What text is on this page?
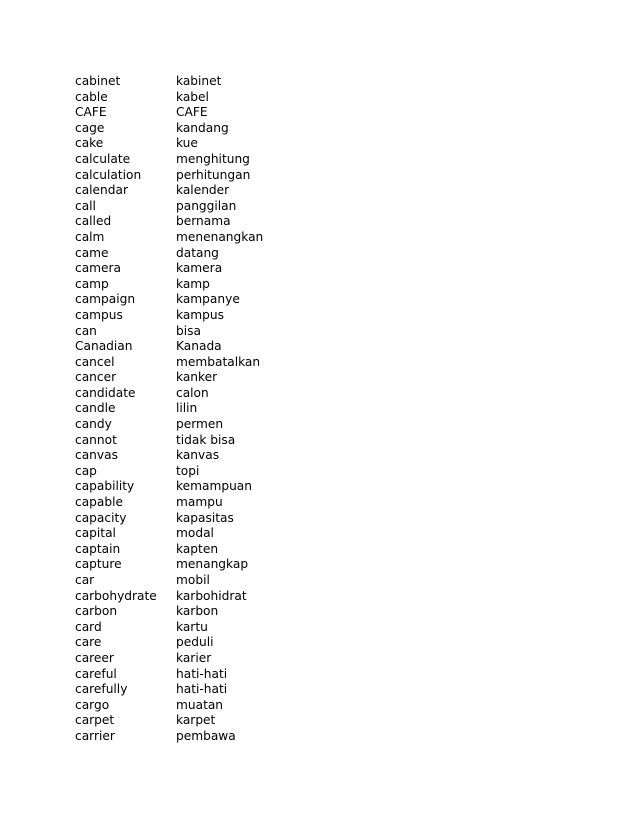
cabinet	kabinet
cable	kabel
CAFE	CAFE
cage	kandang
cake	kue
calculate	menghitung
calculation	perhitungan
calendar	kalender
call	panggilan
called	bernama
calm	menenangkan
came	datang
camera	kamera
camp	kamp
campaign	kampanye
campus	kampus
can	bisa
Canadian	Kanada
cancel	membatalkan
cancer	kanker
candidate	calon
candle	lilin
candy	permen
cannot	tidak bisa
canvas	kanvas
cap	topi
capability	kemampuan
capable	mampu
capacity	kapasitas
capital	modal
captain	kapten
capture	menangkap
car	mobil
carbohydrate	karbohidrat
carbon	karbon
card	kartu
care	peduli
career	karier
careful	hati-hati
carefully	hati-hati
cargo	muatan
carpet	karpet
carrier	pembawa
